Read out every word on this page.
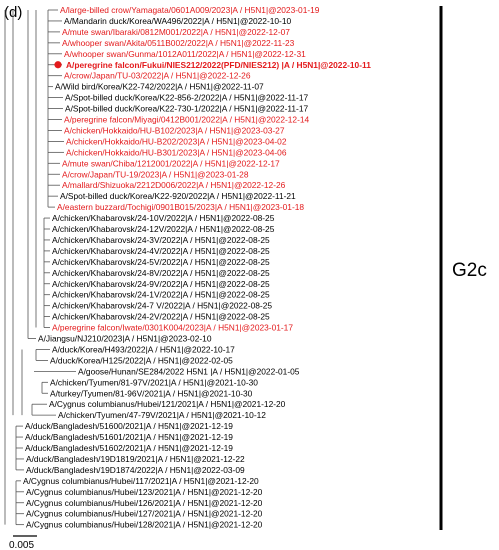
(d)	A/large-billed crow/Yamagata/0601A009/2023|A / H5N1|@2023-01-19
A/Mandarin duck/Korea/WA496/2022|A / H5N1|@2022-10-10
A/mute swan/Ibaraki/0812M001/2022|A / H5N1|@2022-12-07
A/whooper swan/Akita/0511B002/2022|A / H5N1|@2022-11-23
A/whooper swan/Gunma/1012A011/2022|A / H5N1|@2022-12-31
A/peregrine falcon/Fukui/NIES212/2022(PFD/NIES212) |A / H5N1|@2022-10-11
A/crow/Japan/TU-03/2022|A / H5N1|@2022-12-26
A/Wild bird/Korea/K22-742/2022|A / H5N1|@2022-11-07
A/Spot-billed duck/Korea/K22-856-2/2022|A / H5N1|@2022-11-17
A/Spot-billed duck/Korea/K22-730-1/2022|A / H5N1|@2022-11-17
A/peregrine falcon/Miyagi/0412B001/2022|A / H5N1|@2022-12-14
A/chicken/Hokkaido/HU-B102/2023|A / H5N1|@2023-03-27
A/chicken/Hokkaido/HU-B202/2023|A / H5N1|@2023-04-02
A/chicken/Hokkaido/HU-B301/2023|A / H5N1|@2023-04-06
A/mute swan/Chiba/1212001/2022|A / H5N1|@2022-12-17
A/crow/Japan/TU-19/2023|A / H5N1|@2023-01-28
A/mallard/Shizuoka/2212D006/2022|A / H5N1|@2022-12-26
A/Spot-billed duck/Korea/K22-920/2022|A / H5N1|@2022-11-21
A/eastern buzzard/Tochigi/0901B015/2023|A / H5N1|@2023-01-18
A/chicken/Khabarovsk/24-10V/2022|A / H5N1|@2022-08-25
A/chicken/Khabarovsk/24-12V/2022|A / H5N1|@2022-08-25
A/chicken/Khabarovsk/24-3V/2022|A / H5N1|@2022-08-25
A/chicken/Khabarovsk/24-4V/2022|A / H5N1|@2022-08-25
A/chicken/Khabarovsk/24-5V/2022|A / H5N1|@2022-08-25
A/chicken/Khabarovsk/24-8V/2022|A / H5N1|@2022-08-25
A/chicken/Khabarovsk/24-9V/2022|A / H5N1|@2022-08-25
A/chicken/Khabarovsk/24-1V/2022|A / H5N1|@2022-08-25
A/chicken/Khabarovsk/24-7 V/2022|A / H5N1|@2022-08-25
A/chicken/Khabarovsk/24-2V/2022|A / H5N1|@2022-08-25
A/peregrine falcon/Iwate/0301K004/2023|A / H5N1|@2023-01-17
A/Jiangsu/NJ210/2023|A / H5N1|@2023-02-10
A/duck/Korea/H493/2022|A / H5N1|@2022-10-17
A/duck/Korea/H125/2022|A / H5N1|@2022-02-05
A/goose/Hunan/SE284/2022 H5N1 |A / H5N1|@2022-01-05
A/chicken/Tyumen/81-97V/2021|A / H5N1|@2021-10-30
A/turkey/Tyumen/81-96V/2021|A / H5N1|@2021-10-30
A/Cygnus columbianus/Hubei/121/2021|A / H5N1|@2021-12-20
A/chicken/Tyumen/47-79V/2021|A / H5N1|@2021-10-12
A/duck/Bangladesh/51600/2021|A / H5N1|@2021-12-19
A/duck/Bangladesh/51601/2021|A / H5N1|@2021-12-19
A/duck/Bangladesh/51602/2021|A / H5N1|@2021-12-19
A/duck/Bangladesh/19D1819/2021|A / H5N1|@2021-12-22
A/duck/Bangladesh/19D1874/2022|A / H5N1|@2022-03-09
A/Cygnus columbianus/Hubei/117/2021|A / H5N1|@2021-12-20
A/Cygnus columbianus/Hubei/123/2021|A / H5N1|@2021-12-20
A/Cygnus columbianus/Hubei/126/2021|A / H5N1|@2021-12-20
A/Cygnus columbianus/Hubei/127/2021|A / H5N1|@2021-12-20
A/Cygnus columbianus/Hubei/128/2021|A / H5N1|@2021-12-20
G2c
0.005
